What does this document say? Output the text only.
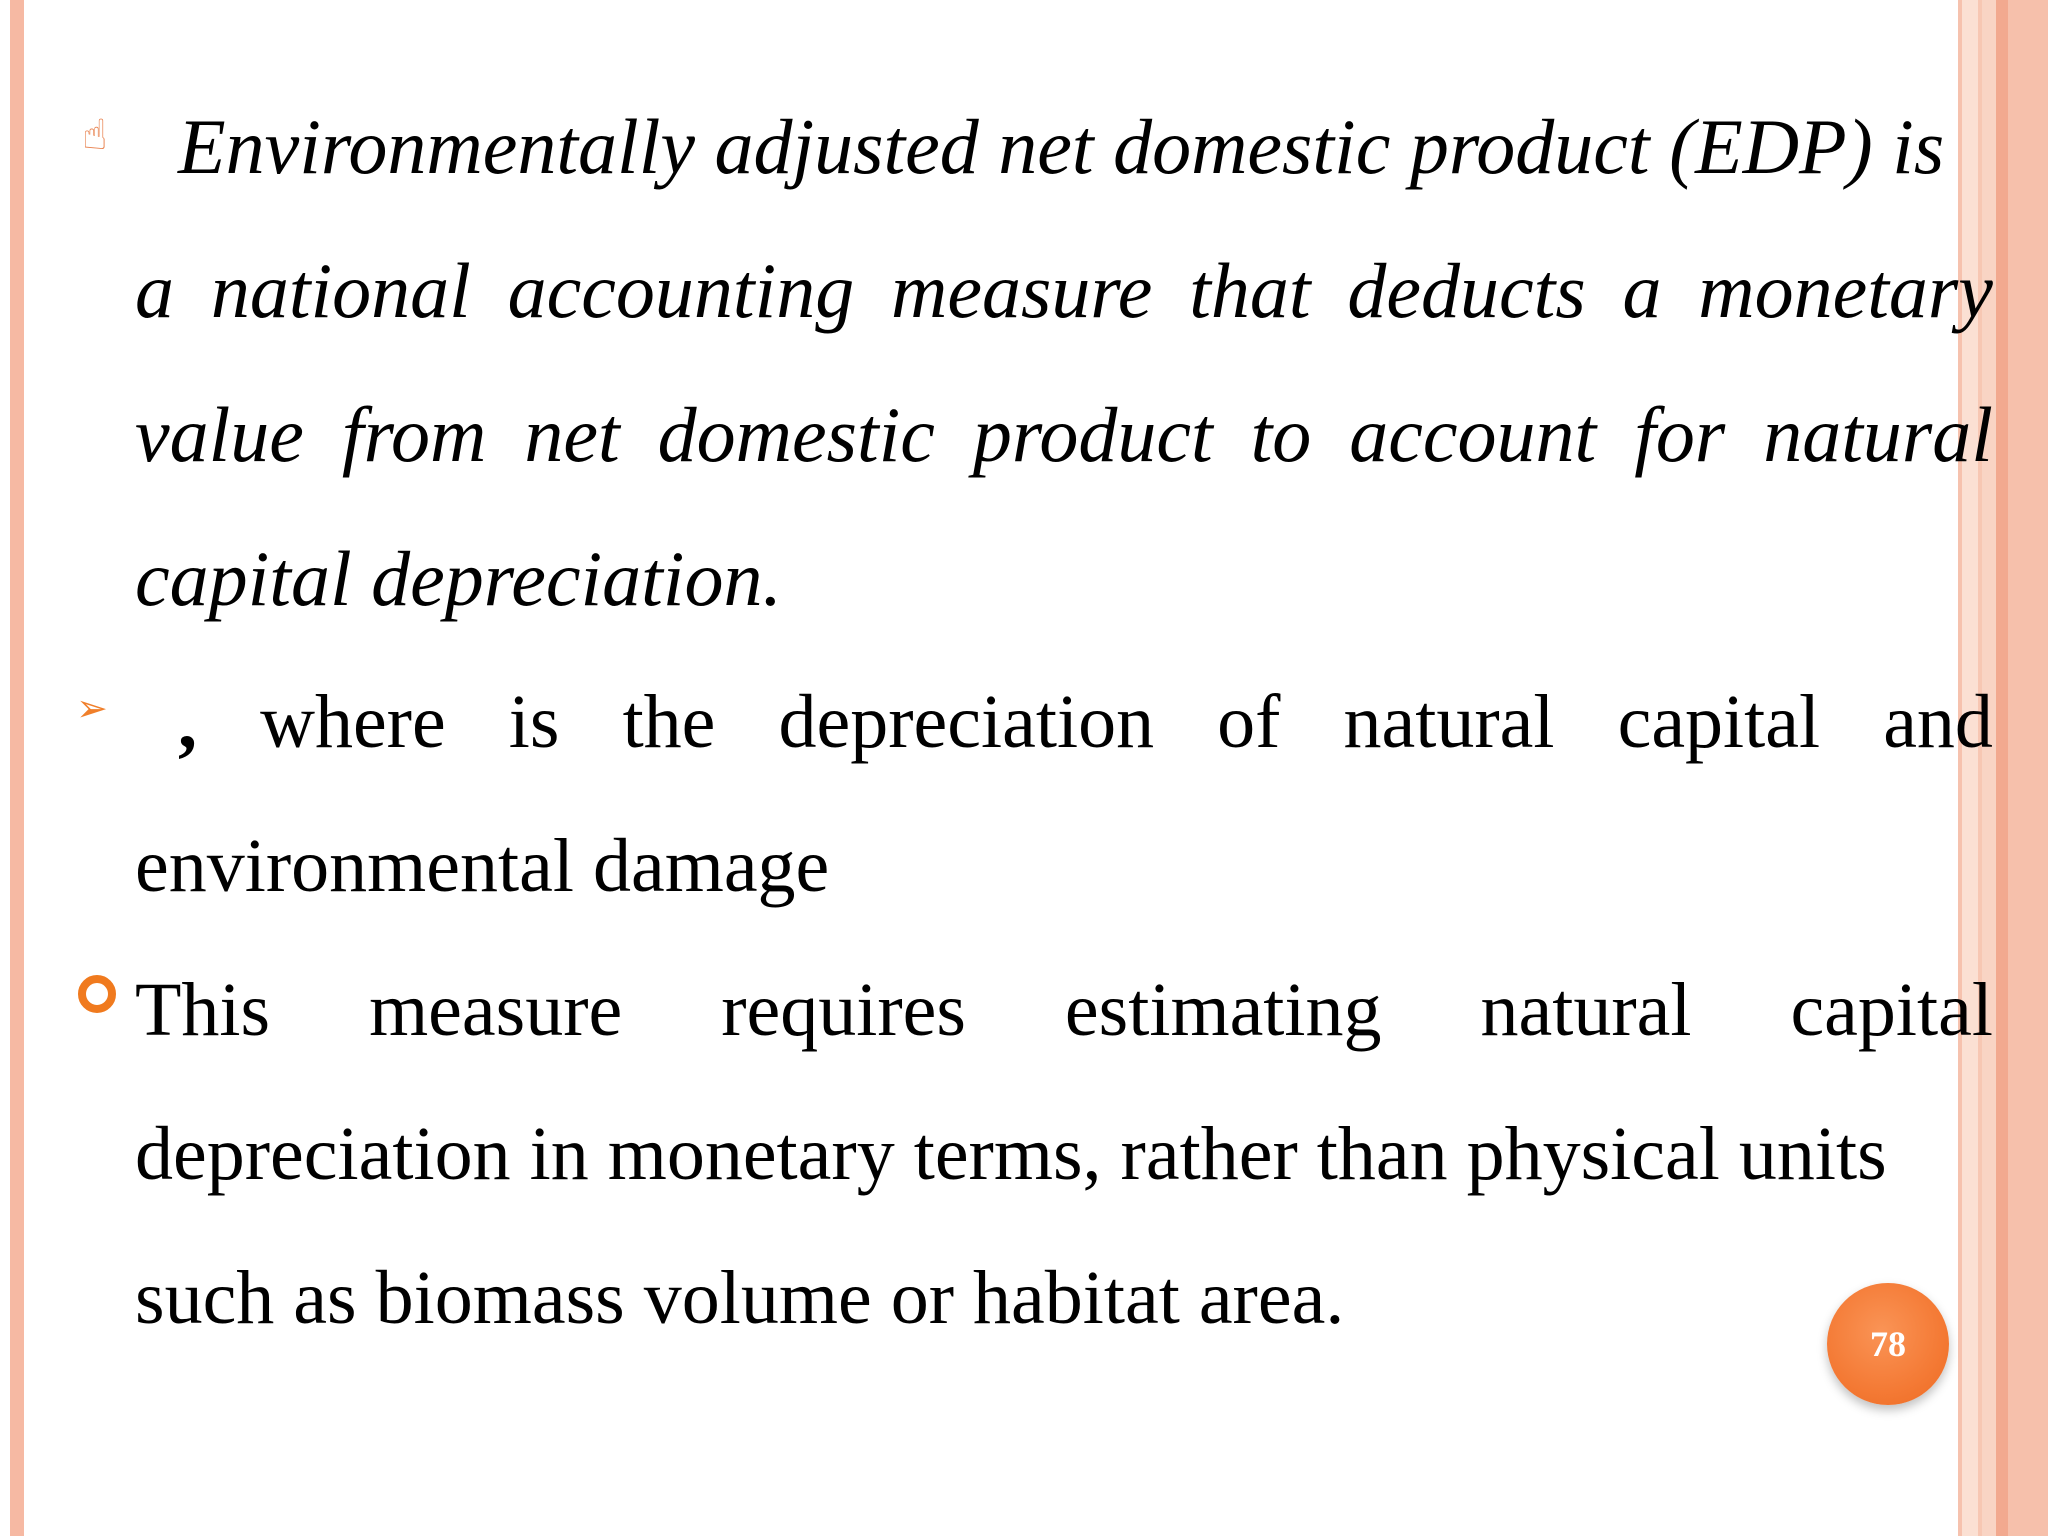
☝ Environmentally adjusted net domestic product (EDP) is
a national accounting measure that deducts a monetary
value from net domestic product to account for natural
capital depreciation.
➢ , where is the depreciation of natural capital and
environmental damage
This measure requires estimating natural capital
depreciation in monetary terms, rather than physical units
such as biomass volume or habitat area.
78
